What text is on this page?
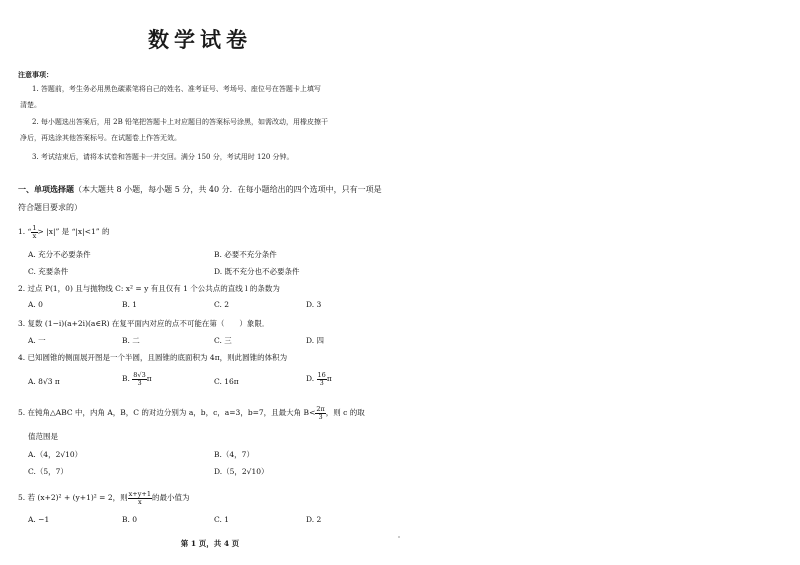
数学试卷
注意事项：
1. 答题前，考生务必用黑色碳素笔将自己的姓名、准考证号、考场号、座位号在答题卡上填写
清楚。
2. 每小题选出答案后，用 2B 铅笔把答题卡上对应题目的答案标号涂黑，如需改动，用橡皮擦干
净后，再选涂其他答案标号。在试题卷上作答无效。
3. 考试结束后，请将本试卷和答题卡一并交回。满分 150 分，考试用时 120 分钟。
一、单项选择题（本大题共 8 小题，每小题 5 分，共 40 分．在每小题给出的四个选项中，只有一项是
符合题目要求的）
1. “ $\frac{1}{x} > |x|$” 是 “|x|<1” 的
A. 充分不必要条件	B. 必要不充分条件
C. 充要条件	D. 既不充分也不必要条件
2. 过点 P(1，0) 且与抛物线 C: x² = y 有且仅有 1 个公共点的直线 l 的条数为
A. 0	B. 1	C. 2	D. 3
3. 复数 (1−i)(a+2i)(a∈R) 在复平面内对应的点不可能在第（　　）象限．
A. 一	B. 二	C. 三	D. 四
4. 已知圆锥的侧面展开图是一个半圆，且圆锥的底面积为 4π，则此圆锥的体积为
A. 8√3 π	B. $\frac{8√3}{3}$ π	C. 16π	D. $\frac{16}{3}$ π
5. 在钝角△ABC 中，内角 A，B，C 的对边分别为 a，b，c，a=3，b=7，且最大角 $B< \frac{2\pi}{3}$ ，则 c 的取
值范围是
A.（4，2√10）	B.（4，7）
C.（5，7）	D.（5，2√10）
5. 若 (x+2)² + (y+1)² = 2，则 $\frac{x+y+1}{x}$ 的最小值为
A. −1	B. 0	C. 1	D. 2
第 1 页，共 4 页
